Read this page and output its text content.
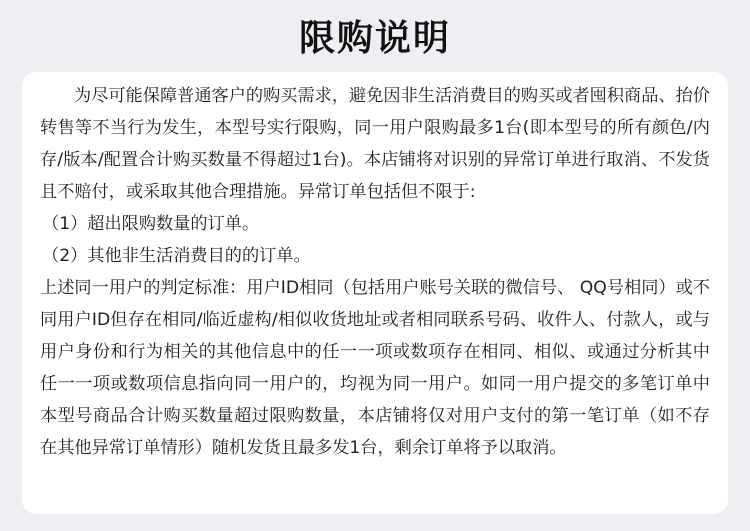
限购说明

为尽可能保障普通客户的购买需求，避免因非生活消费目的购买或者囤积商品、抬价转售等不当行为发生，本型号实行限购，同一用户限购最多1台(即本型号的所有颜色/内存/版本/配置合计购买数量不得超过1台)。本店铺将对识别的异常订单进行取消、不发货且不赔付，或采取其他合理措施。异常订单包括但不限于:

（1）超出限购数量的订单。

（2）其他非生活消费目的的订单。

上述同一用户的判定标准：用户ID相同（包括用户账号关联的微信号、 QQ号相同）或不同用户ID但存在相同/临近虚构/相似收货地址或者相同联系号码、收件人、付款人，或与用户身份和行为相关的其他信息中的任一一项或数项存在相同、相似、或通过分析其中任一一项或数项信息指向同一用户的，均视为同一用户。如同一用户提交的多笔订单中本型号商品合计购买数量超过限购数量，本店铺将仅对用户支付的第一笔订单（如不存在其他异常订单情形）随机发货且最多发1台，剩余订单将予以取消。
